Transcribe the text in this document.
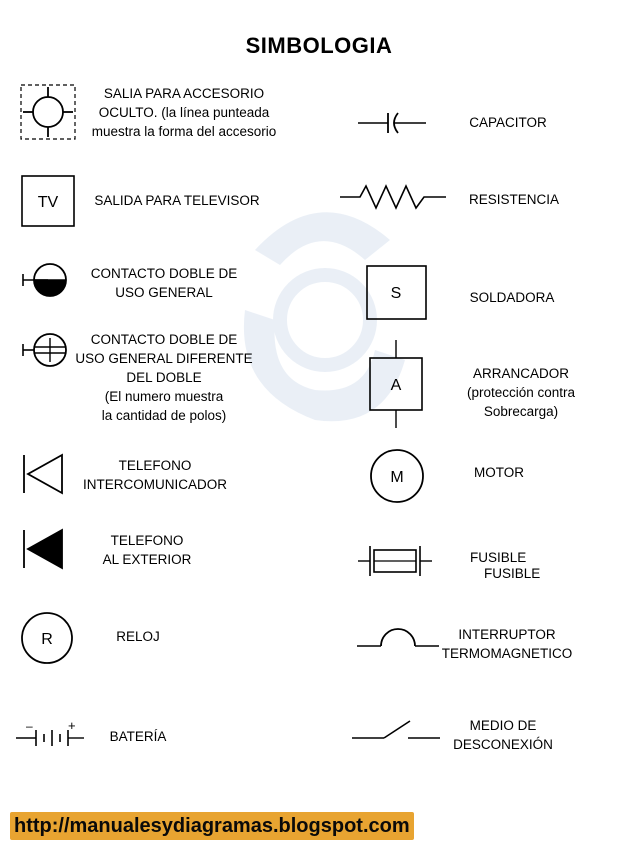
SIMBOLOGIA
SALIA PARA ACCESORIO
OCULTO. (la línea punteada
muestra la forma del accesorio
TV	SALIDA PARA TELEVISOR
CONTACTO DOBLE DE
USO GENERAL
CONTACTO DOBLE DE
USO GENERAL DIFERENTE
DEL DOBLE
(El numero muestra
la cantidad de polos)
TELEFONO
INTERCOMUNICADOR
TELEFONO
AL EXTERIOR
R	RELOJ
–	+
BATERÍA
CAPACITOR
RESISTENCIA
S	SOLDADORA
A
ARRANCADOR
(protección contra
Sobrecarga)
M	MOTOR
FUSIBLE
FUSIBLE
INTERRUPTOR
TERMOMAGNETICO
MEDIO DE
DESCONEXIÓN
http://manualesydiagramas.blogspot.com
